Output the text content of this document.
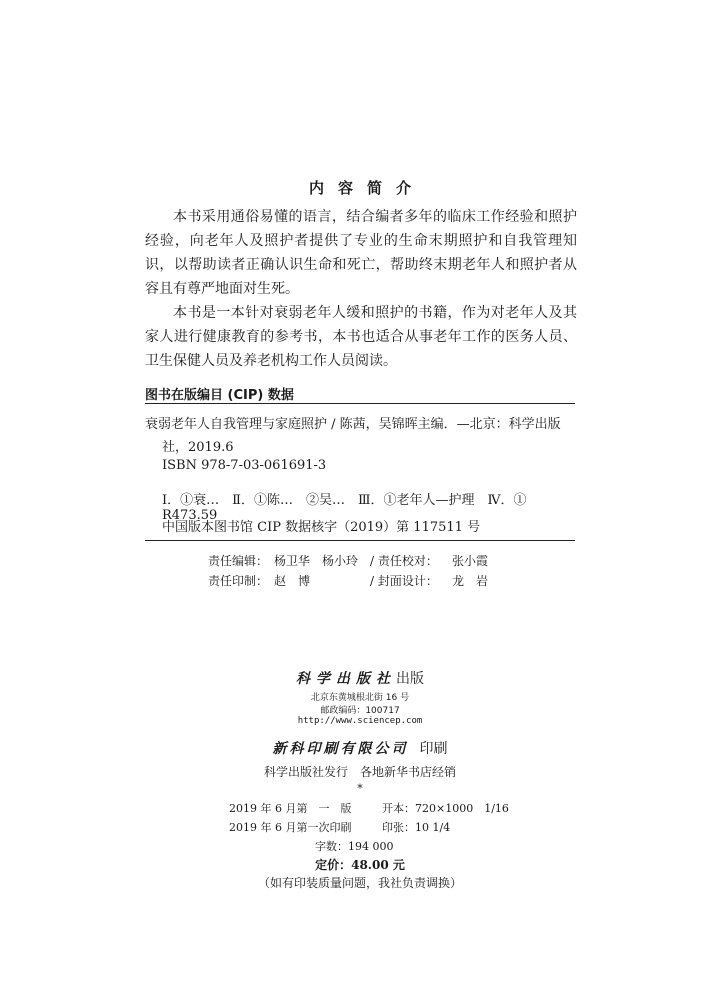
内容简介
本书采用通俗易懂的语言，结合编者多年的临床工作经验和照护经验，向老年人及照护者提供了专业的生命末期照护和自我管理知识，以帮助读者正确认识生命和死亡，帮助终末期老年人和照护者从容且有尊严地面对生死。
本书是一本针对衰弱老年人缓和照护的书籍，作为对老年人及其家人进行健康教育的参考书，本书也适合从事老年工作的医务人员、卫生保健人员及养老机构工作人员阅读。
图书在版编目 (CIP) 数据
衰弱老年人自我管理与家庭照护 / 陈茜，吴锦晖主编．—北京：科学出版
社，2019.6
ISBN 978-7-03-061691-3
Ⅰ．①衰…　Ⅱ．①陈…　②吴…　Ⅲ．①老年人—护理　Ⅳ．① R473.59
中国版本图书馆 CIP 数据核字（2019）第 117511 号
责任编辑： 杨卫华　杨小玲 / 责任校对： 张小霞
责任印制： 赵　博	/ 封面设计： 龙　岩
科学出版社出版
北京东黄城根北街 16 号
邮政编码：100717
http://www.sciencep.com
新科印刷有限公司 印刷
科学出版社发行　各地新华书店经销
*
2019 年 6 月第　一　版	开本：720×1000　1/16
2019 年 6 月第一次印刷	印张：10 1/4
字数：194 000
定价：48.00 元
（如有印装质量问题，我社负责调换）
